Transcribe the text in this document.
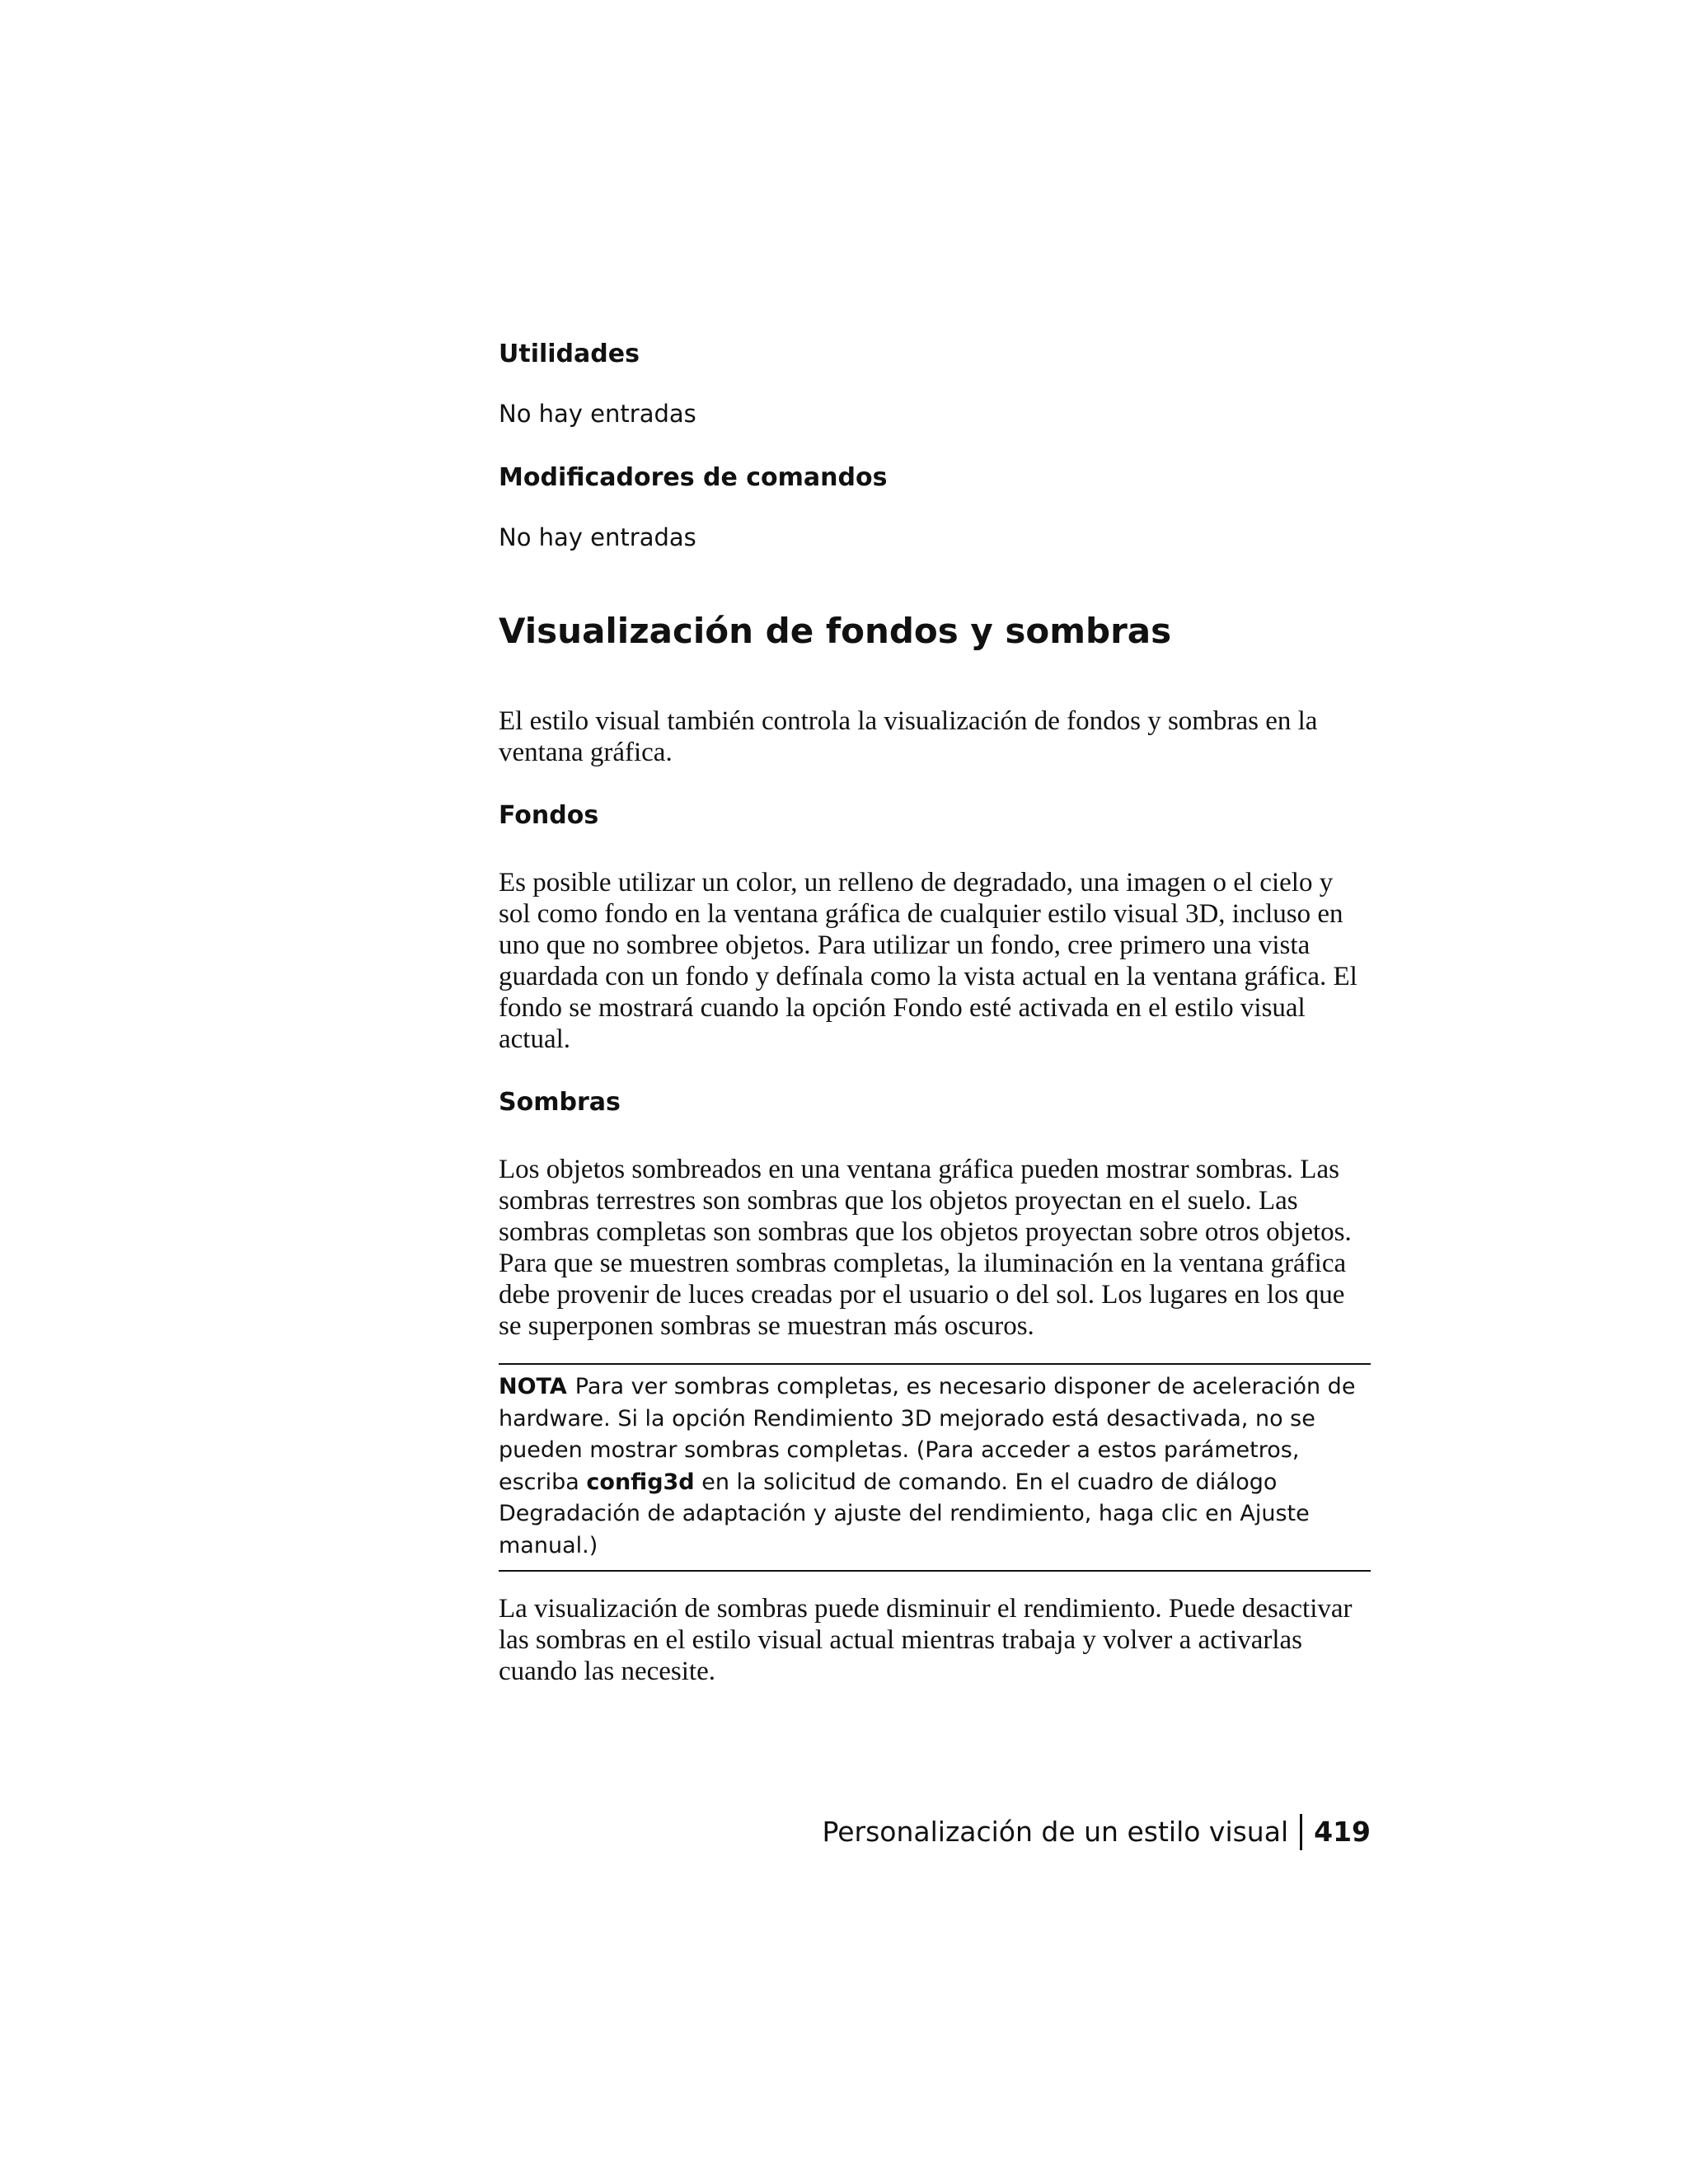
Utilidades

No hay entradas

Modificadores de comandos

No hay entradas

Visualización de fondos y sombras

El estilo visual también controla la visualización de fondos y sombras en la ventana gráfica.

Fondos

Es posible utilizar un color, un relleno de degradado, una imagen o el cielo y sol como fondo en la ventana gráfica de cualquier estilo visual 3D, incluso en uno que no sombree objetos. Para utilizar un fondo, cree primero una vista guardada con un fondo y defínala como la vista actual en la ventana gráfica. El fondo se mostrará cuando la opción Fondo esté activada en el estilo visual actual.

Sombras

Los objetos sombreados en una ventana gráfica pueden mostrar sombras. Las sombras terrestres son sombras que los objetos proyectan en el suelo. Las sombras completas son sombras que los objetos proyectan sobre otros objetos. Para que se muestren sombras completas, la iluminación en la ventana gráfica debe provenir de luces creadas por el usuario o del sol. Los lugares en los que se superponen sombras se muestran más oscuros.

NOTA Para ver sombras completas, es necesario disponer de aceleración de hardware. Si la opción Rendimiento 3D mejorado está desactivada, no se pueden mostrar sombras completas. (Para acceder a estos parámetros, escriba config3d en la solicitud de comando. En el cuadro de diálogo Degradación de adaptación y ajuste del rendimiento, haga clic en Ajuste manual.)

La visualización de sombras puede disminuir el rendimiento. Puede desactivar las sombras en el estilo visual actual mientras trabaja y volver a activarlas cuando las necesite.

Personalización de un estilo visual 419
